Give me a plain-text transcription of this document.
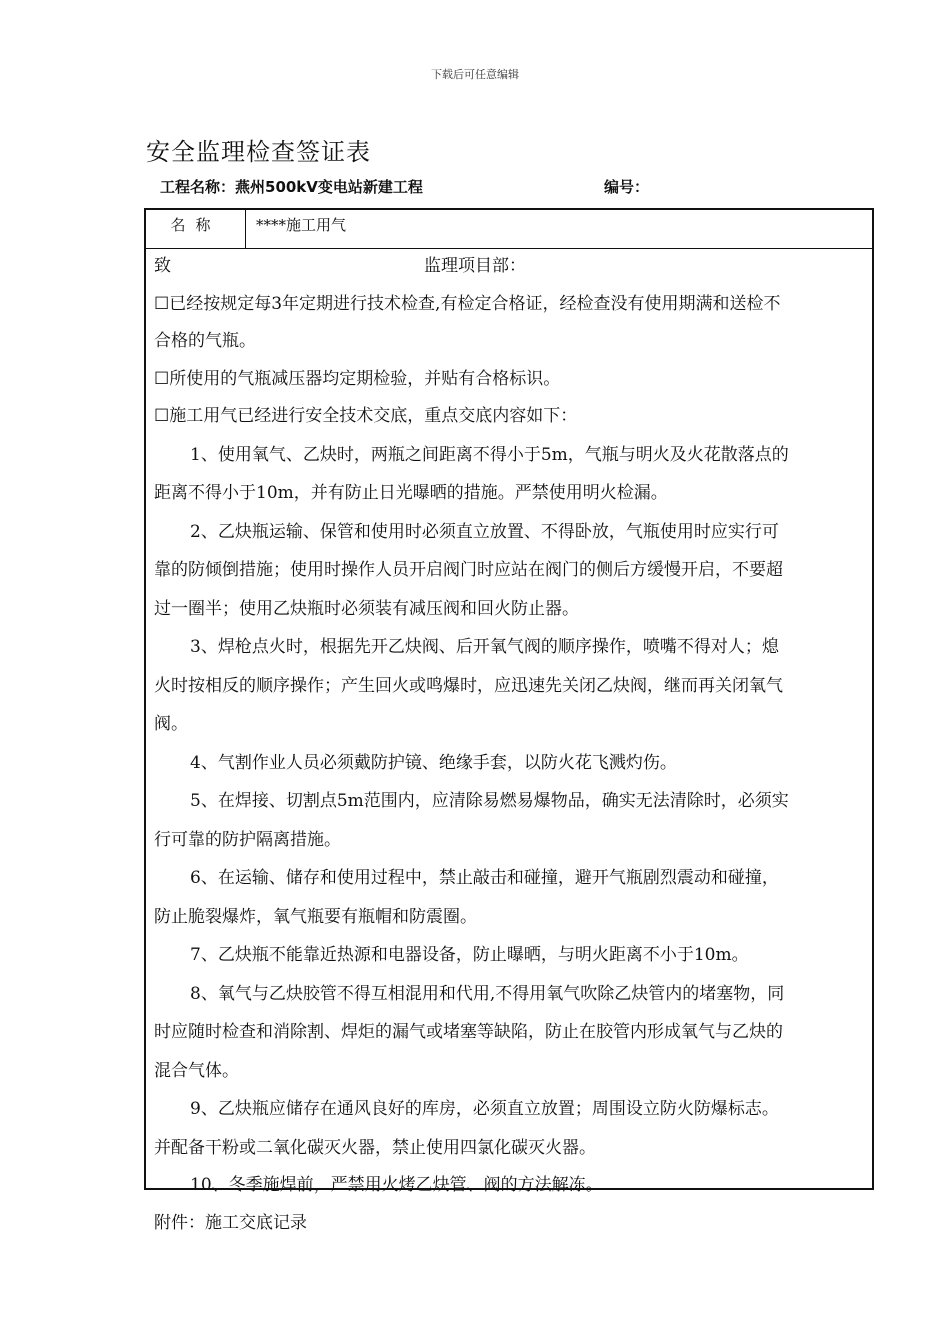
下载后可任意编辑
安全监理检查签证表
工程名称：燕州500kV变电站新建工程	编号：
名称	****施工用气
致	监理项目部：
☐已经按规定每3年定期进行技术检查,有检定合格证，经检查没有使用期满和送检不
合格的气瓶。
☐所使用的气瓶减压器均定期检验，并贴有合格标识。
☐施工用气已经进行安全技术交底，重点交底内容如下：
1、使用氧气、乙炔时，两瓶之间距离不得小于5m，气瓶与明火及火花散落点的
距离不得小于10m，并有防止日光曝晒的措施。严禁使用明火检漏。
2、乙炔瓶运输、保管和使用时必须直立放置、不得卧放，气瓶使用时应实行可
靠的防倾倒措施；使用时操作人员开启阀门时应站在阀门的侧后方缓慢开启，不要超
过一圈半；使用乙炔瓶时必须装有减压阀和回火防止器。
3、焊枪点火时，根据先开乙炔阀、后开氧气阀的顺序操作，喷嘴不得对人；熄
火时按相反的顺序操作；产生回火或鸣爆时，应迅速先关闭乙炔阀，继而再关闭氧气
阀。
4、气割作业人员必须戴防护镜、绝缘手套，以防火花飞溅灼伤。
5、在焊接、切割点5m范围内，应清除易燃易爆物品，确实无法清除时，必须实
行可靠的防护隔离措施。
6、在运输、储存和使用过程中，禁止敲击和碰撞，避开气瓶剧烈震动和碰撞，
防止脆裂爆炸，氧气瓶要有瓶帽和防震圈。
7、乙炔瓶不能靠近热源和电器设备，防止曝晒，与明火距离不小于10m。
8、氧气与乙炔胶管不得互相混用和代用,不得用氧气吹除乙炔管内的堵塞物，同
时应随时检查和消除割、焊炬的漏气或堵塞等缺陷，防止在胶管内形成氧气与乙炔的
混合气体。
9、乙炔瓶应储存在通风良好的库房，必须直立放置；周围设立防火防爆标志。
并配备干粉或二氧化碳灭火器，禁止使用四氯化碳灭火器。
10、冬季施焊前，严禁用火烤乙炔管、阀的方法解冻。
附件：施工交底记录
